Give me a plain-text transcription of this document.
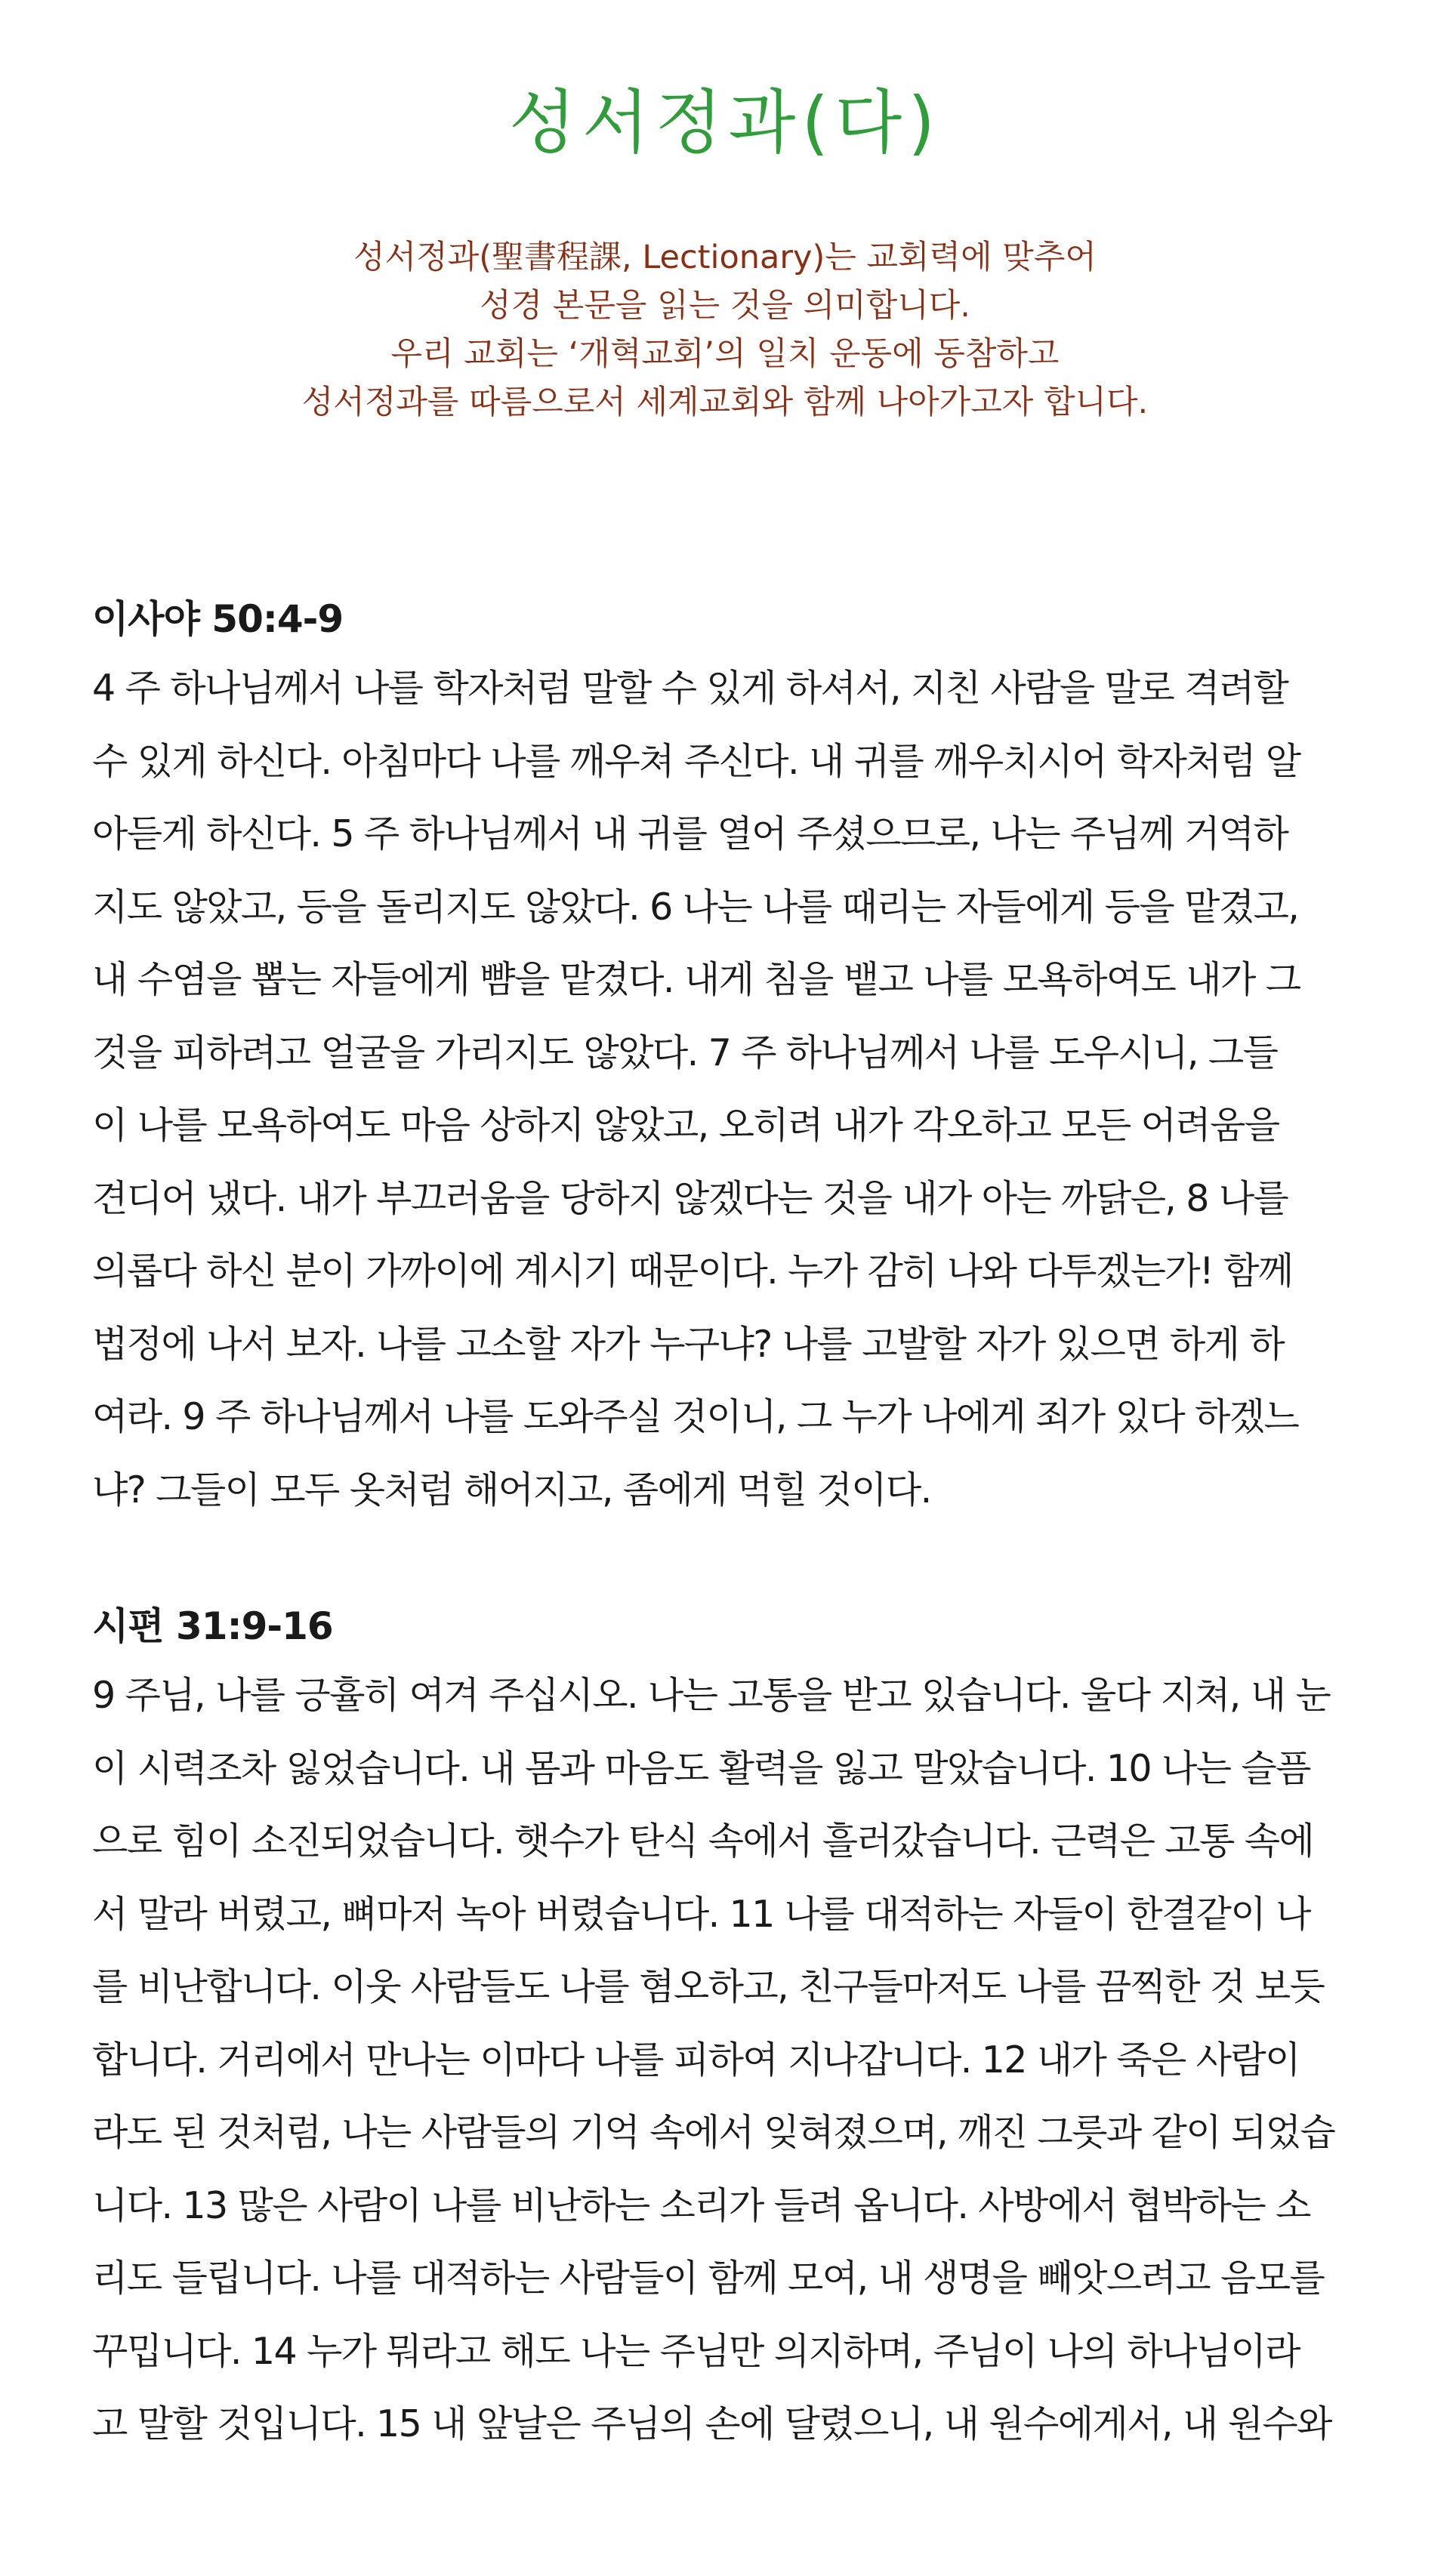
성서정과(다)
성서정과(聖書程課, Lectionary)는 교회력에 맞추어
성경 본문을 읽는 것을 의미합니다.
우리 교회는 ‘개혁교회’의 일치 운동에 동참하고
성서정과를 따름으로서 세계교회와 함께 나아가고자 합니다.
이사야 50:4-9

4 주 하나님께서 나를 학자처럼 말할 수 있게 하셔서, 지친 사람을 말로 격려할
수 있게 하신다. 아침마다 나를 깨우쳐 주신다. 내 귀를 깨우치시어 학자처럼 알
아듣게 하신다. 5 주 하나님께서 내 귀를 열어 주셨으므로, 나는 주님께 거역하
지도 않았고, 등을 돌리지도 않았다. 6 나는 나를 때리는 자들에게 등을 맡겼고,
내 수염을 뽑는 자들에게 뺨을 맡겼다. 내게 침을 뱉고 나를 모욕하여도 내가 그
것을 피하려고 얼굴을 가리지도 않았다. 7 주 하나님께서 나를 도우시니, 그들
이 나를 모욕하여도 마음 상하지 않았고, 오히려 내가 각오하고 모든 어려움을
견디어 냈다. 내가 부끄러움을 당하지 않겠다는 것을 내가 아는 까닭은, 8 나를
의롭다 하신 분이 가까이에 계시기 때문이다. 누가 감히 나와 다투겠는가! 함께
법정에 나서 보자. 나를 고소할 자가 누구냐? 나를 고발할 자가 있으면 하게 하
여라. 9 주 하나님께서 나를 도와주실 것이니, 그 누가 나에게 죄가 있다 하겠느
냐? 그들이 모두 옷처럼 해어지고, 좀에게 먹힐 것이다.

시편 31:9-16

9 주님, 나를 긍휼히 여겨 주십시오. 나는 고통을 받고 있습니다. 울다 지쳐, 내 눈
이 시력조차 잃었습니다. 내 몸과 마음도 활력을 잃고 말았습니다. 10 나는 슬픔
으로 힘이 소진되었습니다. 햇수가 탄식 속에서 흘러갔습니다. 근력은 고통 속에
서 말라 버렸고, 뼈마저 녹아 버렸습니다. 11 나를 대적하는 자들이 한결같이 나
를 비난합니다. 이웃 사람들도 나를 혐오하고, 친구들마저도 나를 끔찍한 것 보듯
합니다. 거리에서 만나는 이마다 나를 피하여 지나갑니다. 12 내가 죽은 사람이
라도 된 것처럼, 나는 사람들의 기억 속에서 잊혀졌으며, 깨진 그릇과 같이 되었습
니다. 13 많은 사람이 나를 비난하는 소리가 들려 옵니다. 사방에서 협박하는 소
리도 들립니다. 나를 대적하는 사람들이 함께 모여, 내 생명을 빼앗으려고 음모를
꾸밉니다. 14 누가 뭐라고 해도 나는 주님만 의지하며, 주님이 나의 하나님이라
고 말할 것입니다. 15 내 앞날은 주님의 손에 달렸으니, 내 원수에게서, 내 원수와
